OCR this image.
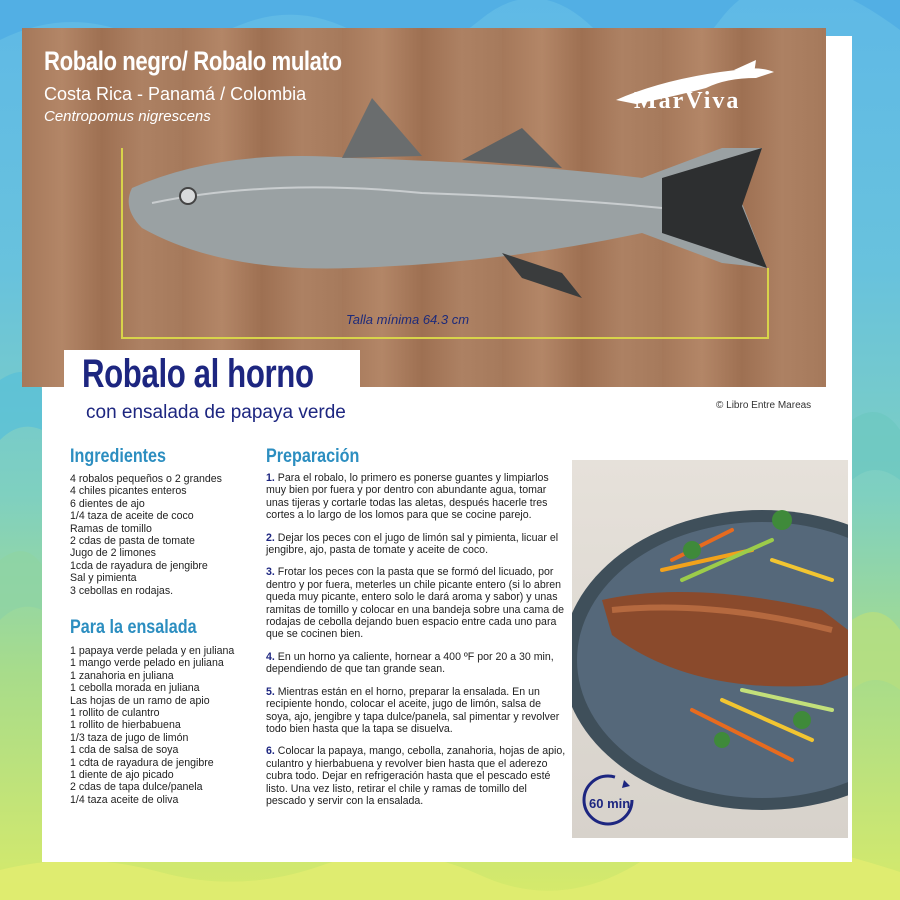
Robalo negro/ Robalo mulato
Costa Rica - Panamá / Colombia
Centropomus nigrescens
MarViva
Talla mínima 64.3 cm
Robalo al horno
con ensalada de papaya verde	© Libro Entre Mareas
Ingredientes
4 robalos pequeños o 2 grandes
4 chiles picantes enteros
6 dientes de ajo
1/4 taza de aceite de coco
Ramas de tomillo
2 cdas de pasta de tomate
Jugo de 2 limones
1cda de rayadura de jengibre
Sal y pimienta
3 cebollas en rodajas.
Para la ensalada
1 papaya verde pelada y en juliana
1 mango verde pelado en juliana
1 zanahoria en juliana
1 cebolla morada en juliana
Las hojas de un ramo de apio
1 rollito de culantro
1 rollito de hierbabuena
1/3 taza de jugo de limón
1 cda de salsa de soya
1 cdta de rayadura de jengibre
1 diente de ajo picado
2 cdas de tapa dulce/panela
1/4 taza aceite de oliva
Preparación

1. Para el robalo, lo primero es ponerse guantes y limpiarlos muy bien por fuera y por dentro con abundante agua, tomar unas tijeras y cortarle todas las aletas, después hacerle tres cortes a lo largo de los lomos para que se cocine parejo.

2. Dejar los peces con el jugo de limón sal y pimienta, licuar el jengibre, ajo, pasta de tomate y aceite de coco.

3. Frotar los peces con la pasta que se formó del licuado, por dentro y por fuera, meterles un chile picante entero (si lo abren queda muy picante, entero solo le dará aroma y sabor) y unas ramitas de tomillo y colocar en una bandeja sobre una cama de rodajas de cebolla dejando buen espacio entre cada uno para que se cocinen bien.

4. En un horno ya caliente, hornear a 400 ºF por 20 a 30 min, dependiendo de que tan grande sean.

5. Mientras están en el horno, preparar la ensalada. En un recipiente hondo, colocar el aceite, jugo de limón, salsa de soya, ajo, jengibre y tapa dulce/panela, sal pimentar y revolver todo bien hasta que la tapa se disuelva.

6. Colocar la papaya, mango, cebolla, zanahoria, hojas de apio, culantro y hierbabuena y revolver bien hasta que el aderezo cubra todo. Dejar en refrigeración hasta que el pescado esté listo. Una vez listo, retirar el chile y ramas de tomillo del pescado y servir con la ensalada.	60 min
